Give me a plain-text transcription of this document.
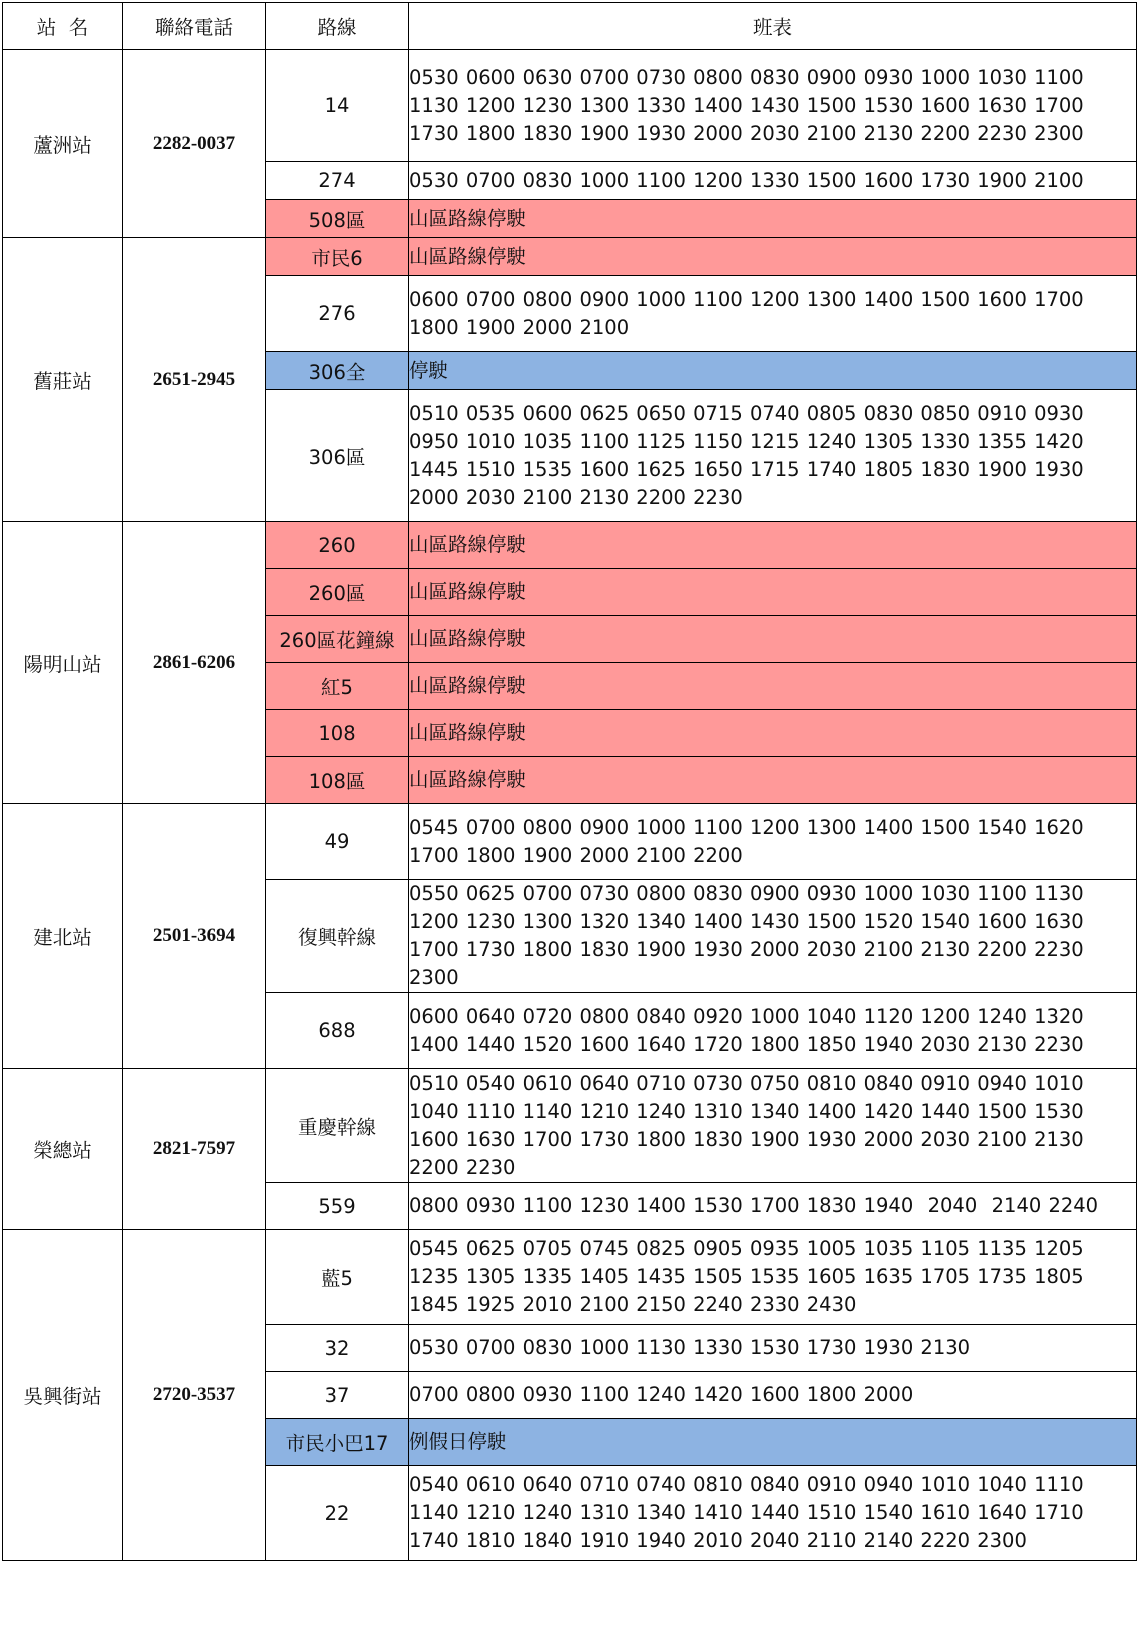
站  名	聯絡電話	路線	班表
蘆洲站	2282-0037	14	0530 0600 0630 0700 0730 0800 0830 0900 0930 1000 1030 1100 1130 1200 1230 1300 1330 1400 1430 1500 1530 1600 1630 1700 1730 1800 1830 1900 1930 2000 2030 2100 2130 2200 2230 2300
		274	0530 0700 0830 1000 1100 1200 1330 1500 1600 1730 1900 2100
		508區	山區路線停駛
舊莊站	2651-2945	市民6	山區路線停駛
		276	0600 0700 0800 0900 1000 1100 1200 1300 1400 1500 1600 1700 1800 1900 2000 2100
		306全	停駛
		306區	0510 0535 0600 0625 0650 0715 0740 0805 0830 0850 0910 0930 0950 1010 1035 1100 1125 1150 1215 1240 1305 1330 1355 1420 1445 1510 1535 1600 1625 1650 1715 1740 1805 1830 1900 1930 2000 2030 2100 2130 2200 2230
陽明山站	2861-6206	260	山區路線停駛
		260區	山區路線停駛
		260區花鐘線	山區路線停駛
		紅5	山區路線停駛
		108	山區路線停駛
		108區	山區路線停駛
建北站	2501-3694	49	0545 0700 0800 0900 1000 1100 1200 1300 1400 1500 1540 1620 1700 1800 1900 2000 2100 2200
		復興幹線	0550 0625 0700 0730 0800 0830 0900 0930 1000 1030 1100 1130 1200 1230 1300 1320 1340 1400 1430 1500 1520 1540 1600 1630 1700 1730 1800 1830 1900 1930 2000 2030 2100 2130 2200 2230 2300
		688	0600 0640 0720 0800 0840 0920 1000 1040 1120 1200 1240 1320 1400 1440 1520 1600 1640 1720 1800 1850 1940 2030 2130 2230
榮總站	2821-7597	重慶幹線	0510 0540 0610 0640 0710 0730 0750 0810 0840 0910 0940 1010 1040 1110 1140 1210 1240 1310 1340 1400 1420 1440 1500 1530 1600 1630 1700 1730 1800 1830 1900 1930 2000 2030 2100 2130 2200 2230
		559	0800 0930 1100 1230 1400 1530 1700 1830 1940  2040  2140 2240
吳興街站	2720-3537	藍5	0545 0625 0705 0745 0825 0905 0935 1005 1035 1105 1135 1205 1235 1305 1335 1405 1435 1505 1535 1605 1635 1705 1735 1805 1845 1925 2010 2100 2150 2240 2330 2430
		32	0530 0700 0830 1000 1130 1330 1530 1730 1930 2130
		37	0700 0800 0930 1100 1240 1420 1600 1800 2000
		市民小巴17	例假日停駛
		22	0540 0610 0640 0710 0740 0810 0840 0910 0940 1010 1040 1110 1140 1210 1240 1310 1340 1410 1440 1510 1540 1610 1640 1710 1740 1810 1840 1910 1940 2010 2040 2110 2140 2220 2300
